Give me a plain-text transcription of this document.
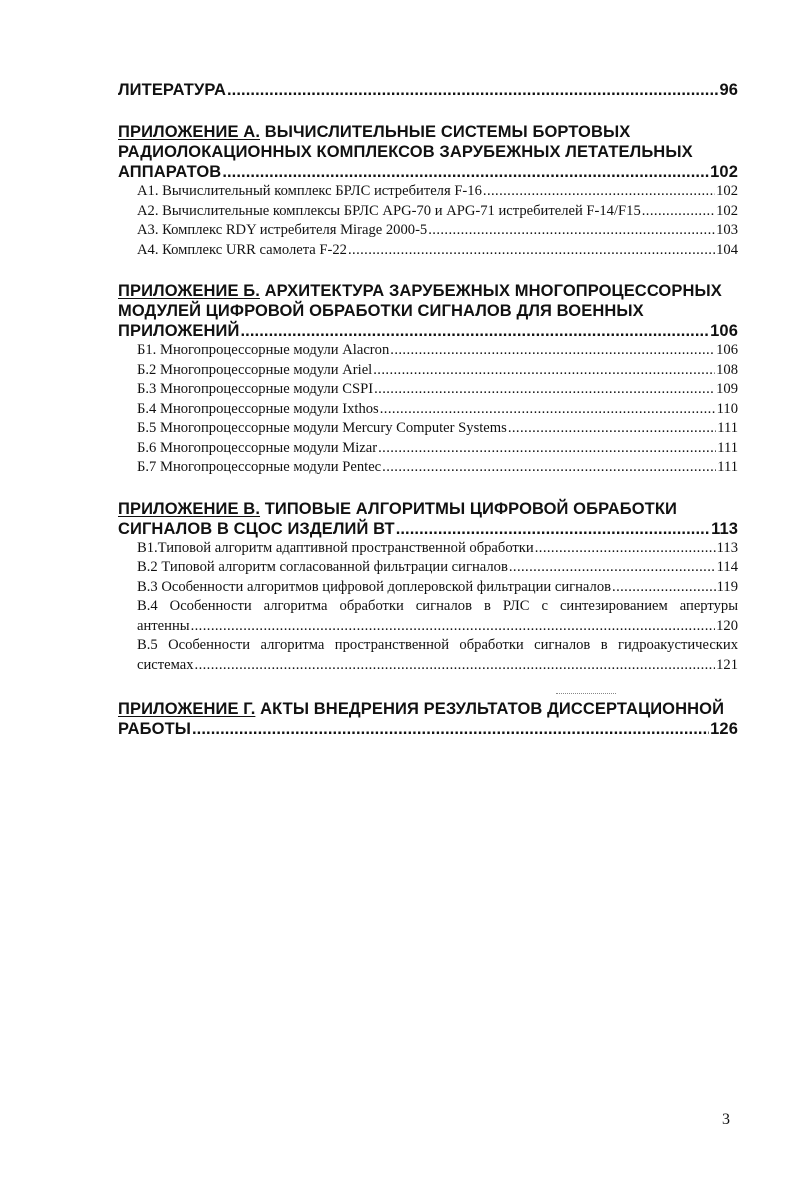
ЛИТЕРАТУРА .....	96
ПРИЛОЖЕНИЕ А. ВЫЧИСЛИТЕЛЬНЫЕ СИСТЕМЫ БОРТОВЫХ
РАДИОЛОКАЦИОННЫХ КОМПЛЕКСОВ ЗАРУБЕЖНЫХ ЛЕТАТЕЛЬНЫХ
АППАРАТОВ .....	102
А1. Вычислительный комплекс БРЛС истребителя F-16 .....	102
А2. Вычислительные комплексы БРЛС APG-70 и APG-71 истребителей F-14/F15 .....	102
А3. Комплекс RDY истребителя Mirage 2000-5 .....	103
А4. Комплекс URR самолета F-22 .....	104
ПРИЛОЖЕНИЕ Б. АРХИТЕКТУРА ЗАРУБЕЖНЫХ МНОГОПРОЦЕССОРНЫХ
МОДУЛЕЙ ЦИФРОВОЙ ОБРАБОТКИ СИГНАЛОВ ДЛЯ ВОЕННЫХ
ПРИЛОЖЕНИЙ .....	106
Б1. Многопроцессорные модули Alacron .....	106
Б.2 Многопроцессорные модули Ariel .....	108
Б.3 Многопроцессорные модули CSPI .....	109
Б.4 Многопроцессорные модули Ixthos .....	110
Б.5 Многопроцессорные модули Mercury Computer Systems .....	111
Б.6 Многопроцессорные модули Mizar .....	111
Б.7 Многопроцессорные модули Pentec .....	111
ПРИЛОЖЕНИЕ В. ТИПОВЫЕ АЛГОРИТМЫ ЦИФРОВОЙ ОБРАБОТКИ
СИГНАЛОВ В СЦОС ИЗДЕЛИЙ ВТ .....	113
В1.Типовой алгоритм адаптивной пространственной обработки .....	113
В.2 Типовой алгоритм согласованной фильтрации сигналов .....	114
В.3 Особенности алгоритмов цифровой доплеровской фильтрации сигналов .....	119
В.4 Особенности алгоритма обработки сигналов в РЛС с синтезированием апертуры
антенны .....	120
В.5 Особенности алгоритма пространственной обработки сигналов в гидроакустических
системах .....	121
ПРИЛОЖЕНИЕ Г. АКТЫ ВНЕДРЕНИЯ РЕЗУЛЬТАТОВ ДИССЕРТАЦИОННОЙ
РАБОТЫ .....	126
3
